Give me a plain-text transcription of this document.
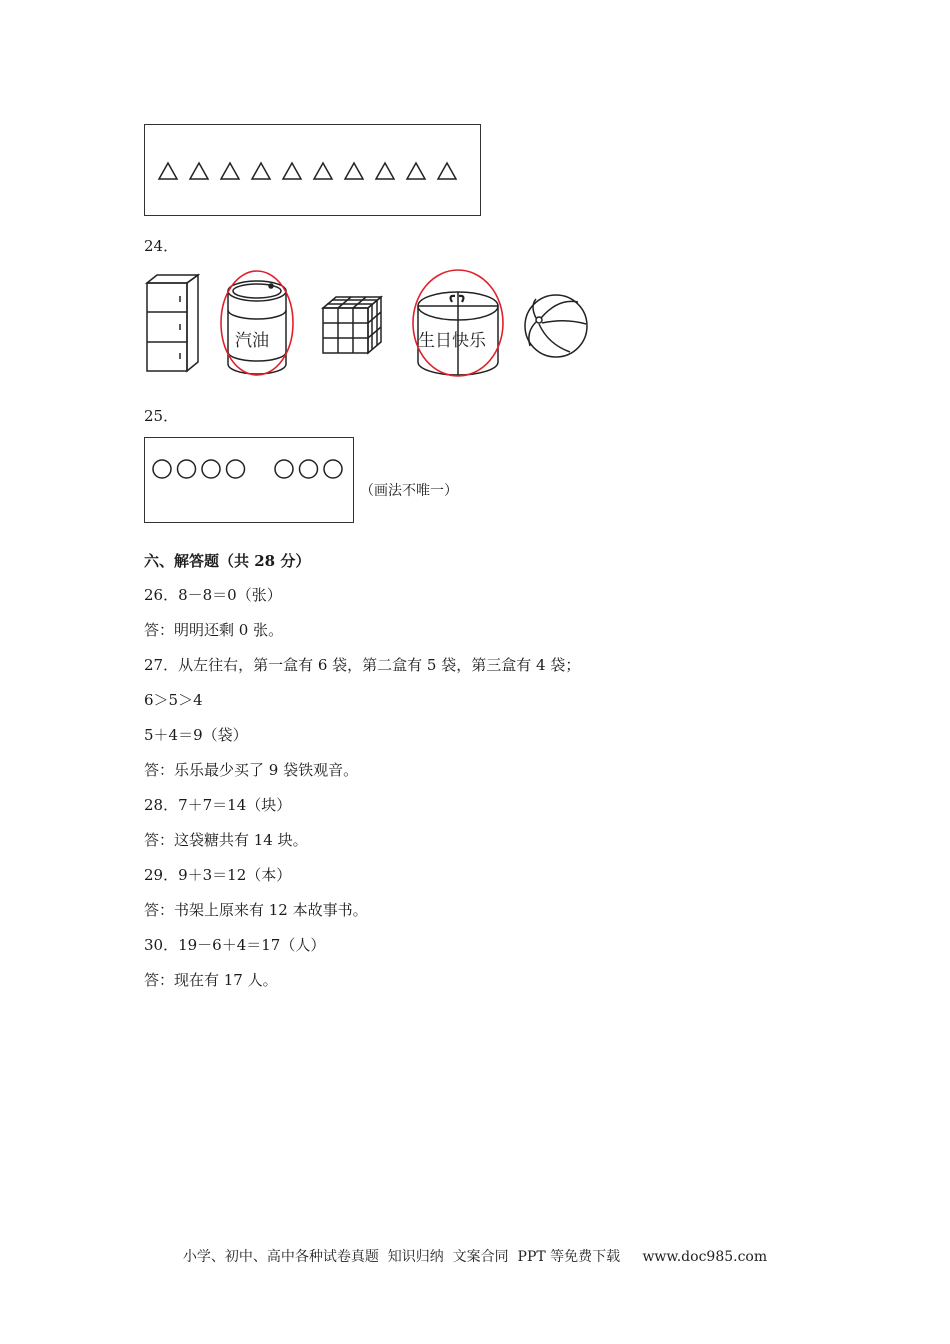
24．
汽油	生日快乐
25．
（画法不唯一）
六、解答题（共 28 分）
26．8－8＝0（张）
答：明明还剩 0 张。
27．从左往右，第一盒有 6 袋，第二盒有 5 袋，第三盒有 4 袋；
6＞5＞4
5＋4＝9（袋）
答：乐乐最少买了 9 袋铁观音。
28．7＋7＝14（块）
答：这袋糖共有 14 块。
29．9＋3＝12（本）
答：书架上原来有 12 本故事书。
30．19－6＋4＝17（人）
答：现在有 17 人。
小学、初中、高中各种试卷真题  知识归纳  文案合同  PPT 等免费下载     www.doc985.com
